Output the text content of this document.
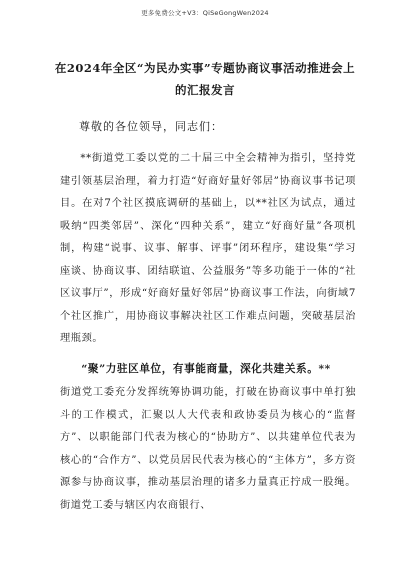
更多免费公文+V3：QiSeGongWen2024
在2024年全区“为民办实事”专题协商议事活动推进会上
的汇报发言
尊敬的各位领导，同志们：
**街道党工委以党的二十届三中全会精神为指引，坚持党建引领基层治理，着力打造“好商好量好邻居”协商议事书记项目。在对7个社区摸底调研的基础上，以**社区为试点，通过吸纳“四类邻居”、深化“四种关系”，建立“好商好量”各项机制，构建“说事、议事、解事、评事”闭环程序，建设集“学习座谈、协商议事、团结联谊、公益服务”等多功能于一体的“社区议事厅”，形成“好商好量好邻居”协商议事工作法，向街域7个社区推广，用协商议事解决社区工作难点问题，突破基层治理瓶颈。
“聚”力驻区单位，有事能商量，深化共建关系。**
街道党工委充分发挥统筹协调功能，打破在协商议事中单打独斗的工作模式，汇聚以人大代表和政协委员为核心的“监督方”、以职能部门代表为核心的“协助方”、以共建单位代表为核心的“合作方”、以党员居民代表为核心的“主体方”，多方资源参与协商议事，推动基层治理的诸多力量真正拧成一股绳。街道党工委与辖区内农商银行、
